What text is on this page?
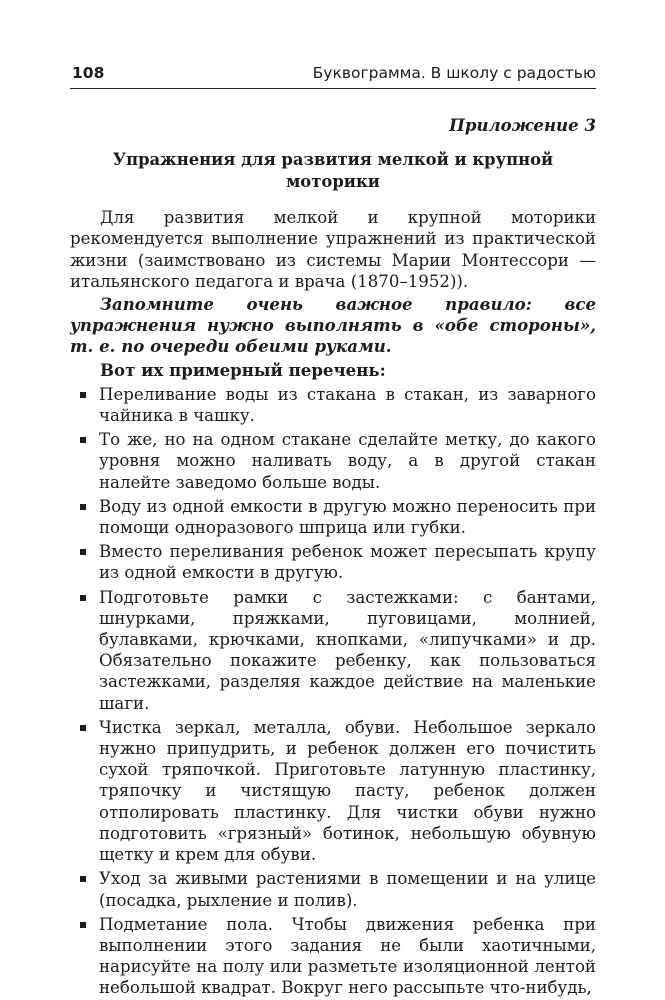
108	Буквограмма. В школу с радостью
Приложение 3
Упражнения для развития мелкой и крупной моторики

Для развития мелкой и крупной моторики рекомендуется выполнение упражнений из практической жизни (заимствовано из системы Марии Монтессори — итальянского педагога и врача (1870–1952)).

Запомните очень важное правило: все упражнения нужно выполнять в «обе стороны», т. е. по очереди обеими руками.

Вот их примерный перечень:

Переливание воды из стакана в стакан, из заварного чайника в чашку.
То же, но на одном стакане сделайте метку, до какого уровня можно наливать воду, а в другой стакан налейте заведомо больше воды.
Воду из одной емкости в другую можно переносить при помощи одноразового шприца или губки.
Вместо переливания ребенок может пересыпать крупу из одной емкости в другую.
Подготовьте рамки с застежками: с бантами, шнурками, пряжками, пуговицами, молнией, булавками, крючками, кнопками, «липучками» и др. Обязательно покажите ребенку, как пользоваться застежками, разделяя каждое действие на маленькие шаги.
Чистка зеркал, металла, обуви. Небольшое зеркало нужно припудрить, и ребенок должен его почистить сухой тряпочкой. Приготовьте латунную пластинку, тряпочку и чистящую пасту, ребенок должен отполировать пластинку. Для чистки обуви нужно подготовить «грязный» ботинок, небольшую обувную щетку и крем для обуви.
Уход за живыми растениями в помещении и на улице (посадка, рыхление и полив).
Подметание пола. Чтобы движения ребенка при выполнении этого задания не были хаотичными, нарисуйте на полу или разметьте изоляционной лентой небольшой квадрат. Вокруг него рассыпьте что-нибудь,
